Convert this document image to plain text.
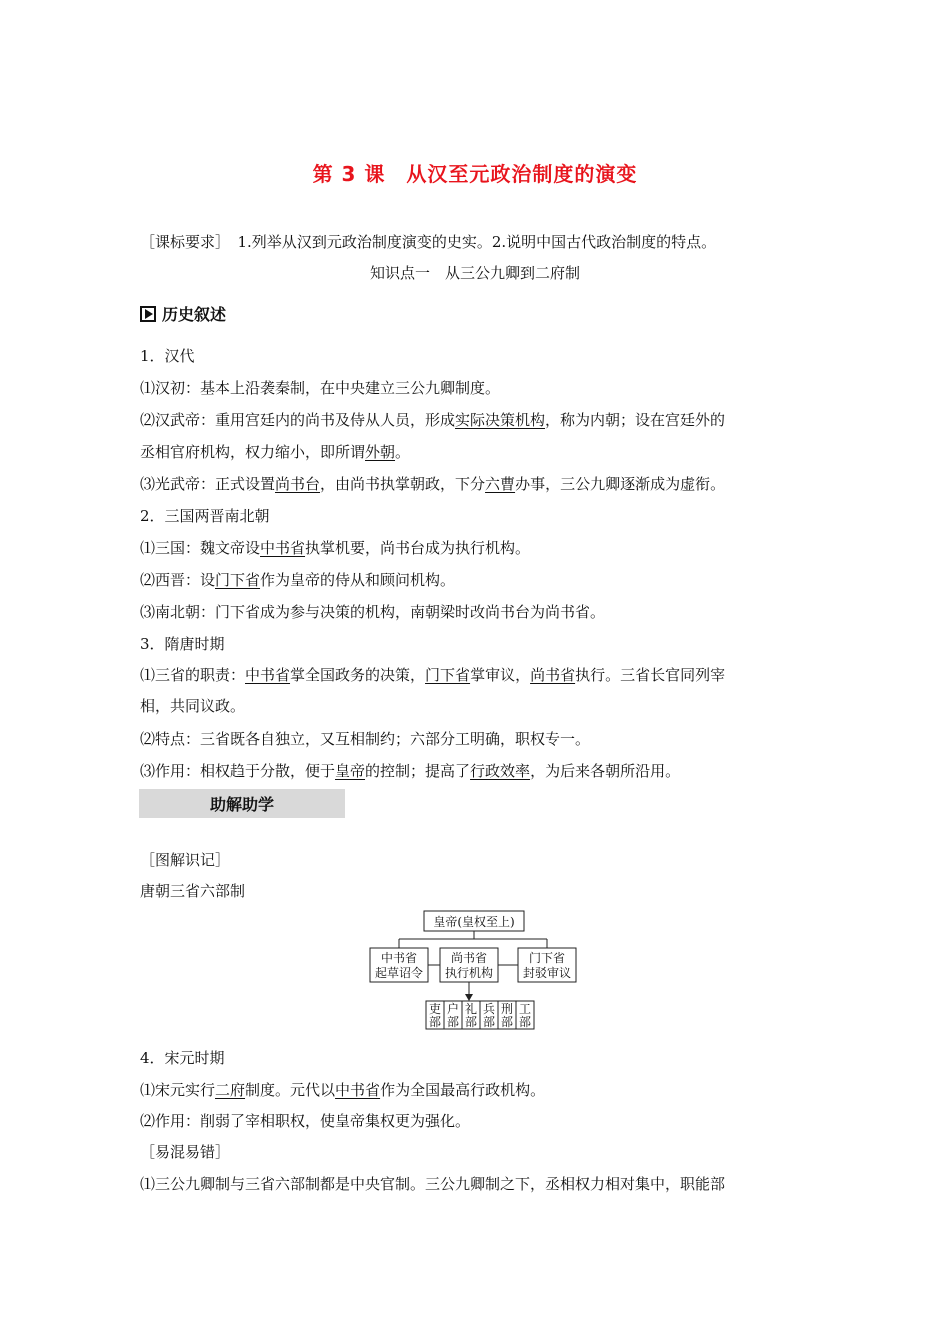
第 3 课　从汉至元政治制度的演变
［课标要求］　1.列举从汉到元政治制度演变的史实。2.说明中国古代政治制度的特点。
知识点一　从三公九卿到二府制
历史叙述
1．汉代
⑴汉初：基本上沿袭秦制，在中央建立三公九卿制度。
⑵汉武帝：重用宫廷内的尚书及侍从人员，形成实际决策机构，称为内朝；设在宫廷外的
丞相官府机构，权力缩小，即所谓外朝。
⑶光武帝：正式设置尚书台，由尚书执掌朝政，下分六曹办事，三公九卿逐渐成为虚衔。
2．三国两晋南北朝
⑴三国：魏文帝设中书省执掌机要，尚书台成为执行机构。
⑵西晋：设门下省作为皇帝的侍从和顾问机构。
⑶南北朝：门下省成为参与决策的机构，南朝梁时改尚书台为尚书省。
3．隋唐时期
⑴三省的职责：中书省掌全国政务的决策，门下省掌审议，尚书省执行。三省长官同列宰
相，共同议政。
⑵特点：三省既各自独立，又互相制约；六部分工明确，职权专一。
⑶作用：相权趋于分散，便于皇帝的控制；提高了行政效率，为后来各朝所沿用。
助解助学
［图解识记］
唐朝三省六部制
皇帝(皇权至上)
中书省
起草诏令
尚书省
执行机构
门下省
封驳审议
吏
部
户
部
礼
部
兵
部
刑
部
工
部
4．宋元时期
⑴宋元实行二府制度。元代以中书省作为全国最高行政机构。
⑵作用：削弱了宰相职权，使皇帝集权更为强化。
［易混易错］
⑴三公九卿制与三省六部制都是中央官制。三公九卿制之下，丞相权力相对集中，职能部
